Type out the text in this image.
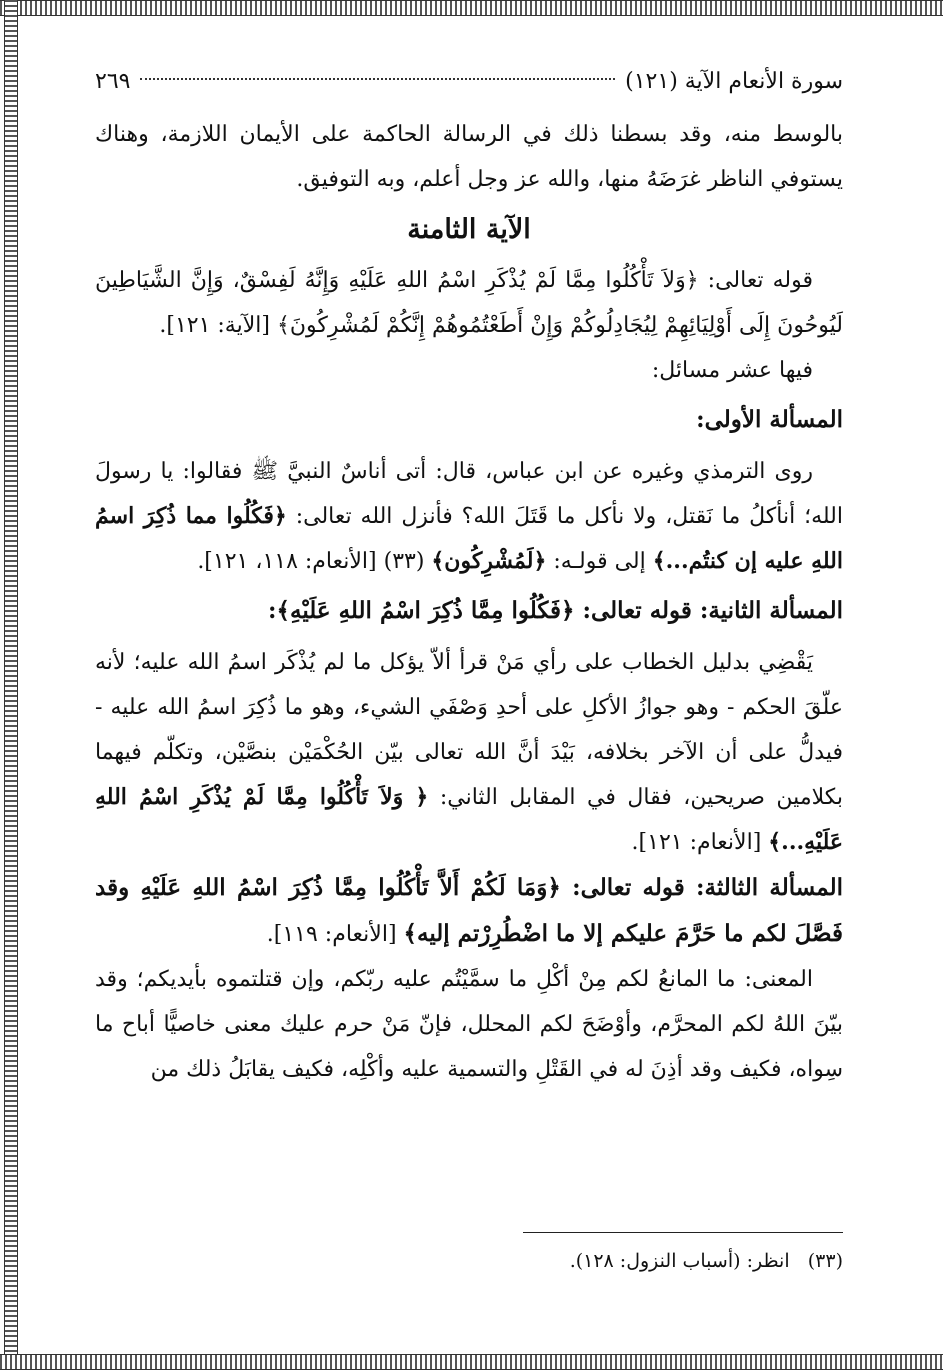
سورة الأنعام الآية (١٢١)
٢٦٩

بالوسط منه، وقد بسطنا ذلك في الرسالة الحاكمة على الأيمان اللازمة، وهناك يستوفي الناظر غرَضَهُ منها، والله عز وجل أعلم، وبه التوفيق.

الآية الثامنة

قوله تعالى: ﴿وَلاَ تَأْكُلُوا مِمَّا لَمْ يُذْكَرِ اسْمُ اللهِ عَلَيْهِ وَإِنَّهُ لَفِسْقٌ، وَإِنَّ الشَّيَاطِينَ لَيُوحُونَ إِلَى أَوْلِيَائِهِمْ لِيُجَادِلُوكُمْ وَإِنْ أَطَعْتُمُوهُمْ إِنَّكُمْ لَمُشْرِكُونَ﴾ [الآية: ١٢١].

فيها عشر مسائل:

المسألة الأولى:

روى الترمذي وغيره عن ابن عباس، قال: أتى أناسٌ النبيَّ ﷺ فقالوا: يا رسولَ الله؛ أنأكلُ ما نَقتل، ولا نأكل ما قَتَلَ الله؟ فأنزل الله تعالى: ﴿فَكُلُوا مما ذُكِرَ اسمُ اللهِ عليه إن كنتُم...﴾ إلى قولـه: ﴿لَمُشْرِكُون﴾ (٣٣) [الأنعام: ١١٨، ١٢١].

المسألة الثانية: قوله تعالى: ﴿فَكُلُوا مِمَّا ذُكِرَ اسْمُ اللهِ عَلَيْهِ﴾:

يَقْضِي بدليل الخطاب على رأي مَنْ قرأ ألاّ يؤكل ما لم يُذْكَر اسمُ الله عليه؛ لأنه علّقَ الحكم - وهو جوازُ الأكلِ على أحدِ وَصْفَي الشيء، وهو ما ذُكِرَ اسمُ الله عليه - فيدلُّ على أن الآخر بخلافه، بَيْدَ أنَّ الله تعالى بيّن الحُكْمَيْن بنصَّيْن، وتكلّم فيهما بكلامين صريحين، فقال في المقابل الثاني: ﴿ وَلاَ تَأْكُلُوا مِمَّا لَمْ يُذْكَرِ اسْمُ اللهِ عَلَيْهِ...﴾ [الأنعام: ١٢١].

المسألة الثالثة: قوله تعالى: ﴿وَمَا لَكُمْ أَلاَّ تَأْكُلُوا مِمَّا ذُكِرَ اسْمُ اللهِ عَلَيْهِ وقد فَصَّلَ لكم ما حَرَّمَ عليكم إلا ما اضْطُرِرْتم إليه﴾ [الأنعام: ١١٩].

المعنى: ما المانعُ لكم مِنْ أكْلِ ما سمَّيْتُم عليه ربّكم، وإن قتلتموه بأيديكم؛ وقد بيّنَ اللهُ لكم المحرَّم، وأوْضَحَ لكم المحلل، فإنّ مَنْ حرم عليك معنى خاصيًّا أباح ما سِواه، فكيف وقد أذِنَ له في القَتْلِ والتسمية عليه وأكْلِه، فكيف يقابَلُ ذلك من

(٣٣)   انظر: (أسباب النزول: ١٢٨).
